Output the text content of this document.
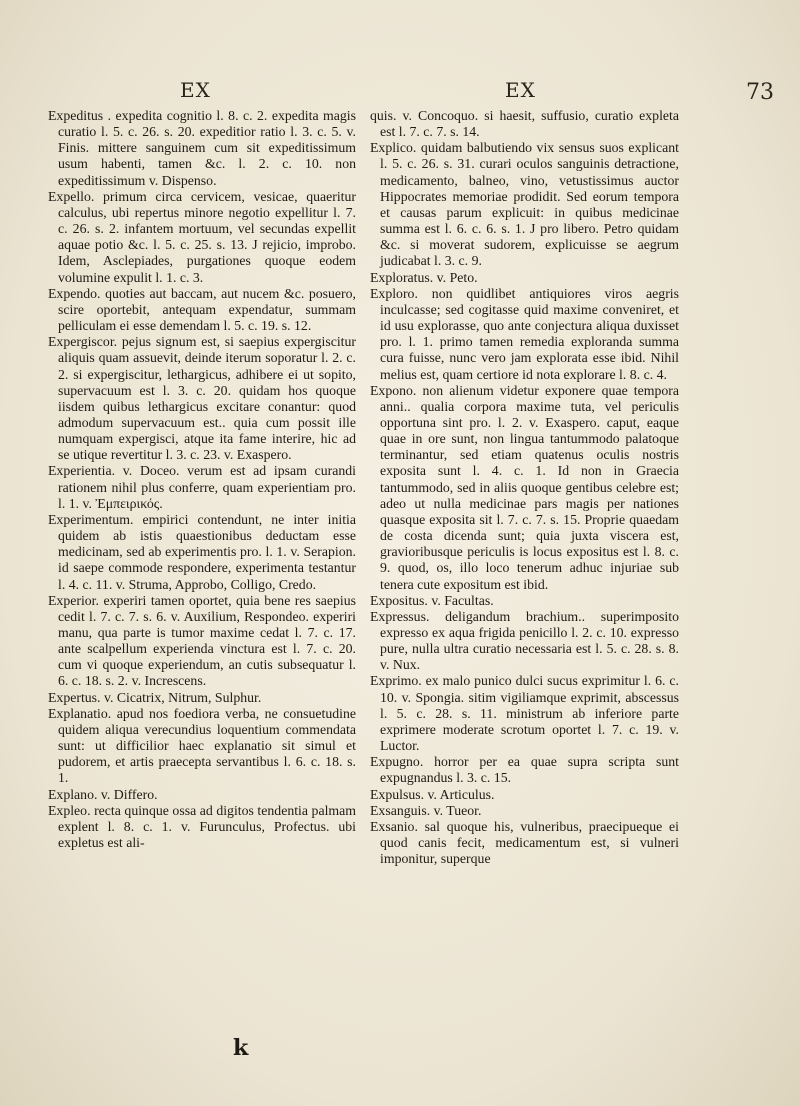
EX	EX	73

Expeditus . expedita cognitio l. 8. c. 2. expedita magis curatio l. 5. c. 26. s. 20. expeditior ratio l. 3. c. 5. v. Finis. mittere sanguinem cum sit expeditissimum usum habenti, tamen &c. l. 2. c. 10. non expeditissimum v. Dispenso.

Expello. primum circa cervicem, vesicae, quaeritur calculus, ubi repertus minore negotio expellitur l. 7. c. 26. s. 2. infantem mortuum, vel secundas expellit aquae potio &c. l. 5. c. 25. s. 13. J rejicio, improbo. Idem, Asclepiades, purgationes quoque eodem volumine expulit l. 1. c. 3.

Expendo. quoties aut baccam, aut nucem &c. posuero, scire oportebit, antequam expendatur, summam pelliculam ei esse demendam l. 5. c. 19. s. 12.

Expergiscor. pejus signum est, si saepius expergiscitur aliquis quam assuevit, deinde iterum soporatur l. 2. c. 2. si expergiscitur, lethargicus, adhibere ei ut sopito, supervacuum est l. 3. c. 20. quidam hos quoque iisdem quibus lethargicus excitare conantur: quod admodum supervacuum est.. quia cum possit ille numquam expergisci, atque ita fame interire, hic ad se utique revertitur l. 3. c. 23. v. Exaspero.

Experientia. v. Doceo. verum est ad ipsam curandi rationem nihil plus conferre, quam experientiam pro. l. 1. v. Ἐμπειρικός.

Experimentum. empirici contendunt, ne inter initia quidem ab istis quaestionibus deductam esse medicinam, sed ab experimentis pro. l. 1. v. Serapion. id saepe commode respondere, experimenta testantur l. 4. c. 11. v. Struma, Approbo, Colligo, Credo.

Experior. experiri tamen oportet, quia bene res saepius cedit l. 7. c. 7. s. 6. v. Auxilium, Respondeo. experiri manu, qua parte is tumor maxime cedat l. 7. c. 17. ante scalpellum experienda vinctura est l. 7. c. 20. cum vi quoque experiendum, an cutis subsequatur l. 6. c. 18. s. 2. v. Increscens.

Expertus. v. Cicatrix, Nitrum, Sulphur.

Explanatio. apud nos foediora verba, ne consuetudine quidem aliqua verecundius loquentium commendata sunt: ut difficilior haec explanatio sit simul et pudorem, et artis praecepta servantibus l. 6. c. 18. s. 1.

Explano. v. Differo.

Expleo. recta quinque ossa ad digitos tendentia palmam explent l. 8. c. 1. v. Furunculus, Profectus. ubi expletus est ali-

quis. v. Concoquo. si haesit, suffusio, curatio expleta est l. 7. c. 7. s. 14.

Explico. quidam balbutiendo vix sensus suos explicant l. 5. c. 26. s. 31. curari oculos sanguinis detractione, medicamento, balneo, vino, vetustissimus auctor Hippocrates memoriae prodidit. Sed eorum tempora et causas parum explicuit: in quibus medicinae summa est l. 6. c. 6. s. 1. J pro libero. Petro quidam &c. si moverat sudorem, explicuisse se aegrum judicabat l. 3. c. 9.

Exploratus. v. Peto.

Exploro. non quidlibet antiquiores viros aegris inculcasse; sed cogitasse quid maxime conveniret, et id usu explorasse, quo ante conjectura aliqua duxisset pro. l. 1. primo tamen remedia exploranda summa cura fuisse, nunc vero jam explorata esse ibid. Nihil melius est, quam certiore id nota explorare l. 8. c. 4.

Expono. non alienum videtur exponere quae tempora anni.. qualia corpora maxime tuta, vel periculis opportuna sint pro. l. 2. v. Exaspero. caput, eaque quae in ore sunt, non lingua tantummodo palatoque terminantur, sed etiam quatenus oculis nostris exposita sunt l. 4. c. 1. Id non in Graecia tantummodo, sed in aliis quoque gentibus celebre est; adeo ut nulla medicinae pars magis per nationes quasque exposita sit l. 7. c. 7. s. 15. Proprie quaedam de costa dicenda sunt; quia juxta viscera est, gravioribusque periculis is locus expositus est l. 8. c. 9. quod, os, illo loco tenerum adhuc injuriae sub tenera cute expositum est ibid.

Expositus. v. Facultas.

Expressus. deligandum brachium.. superimposito expresso ex aqua frigida penicillo l. 2. c. 10. expresso pure, nulla ultra curatio necessaria est l. 5. c. 28. s. 8. v. Nux.

Exprimo. ex malo punico dulci sucus exprimitur l. 6. c. 10. v. Spongia. sitim vigiliamque exprimit, abscessus l. 5. c. 28. s. 11. ministrum ab inferiore parte exprimere moderate scrotum oportet l. 7. c. 19. v. Luctor.

Expugno. horror per ea quae supra scripta sunt expugnandus l. 3. c. 15.

Expulsus. v. Articulus.

Exsanguis. v. Tueor.

Exsanio. sal quoque his, vulneribus, praecipueque ei quod canis fecit, medicamentum est, si vulneri imponitur, superque

k
